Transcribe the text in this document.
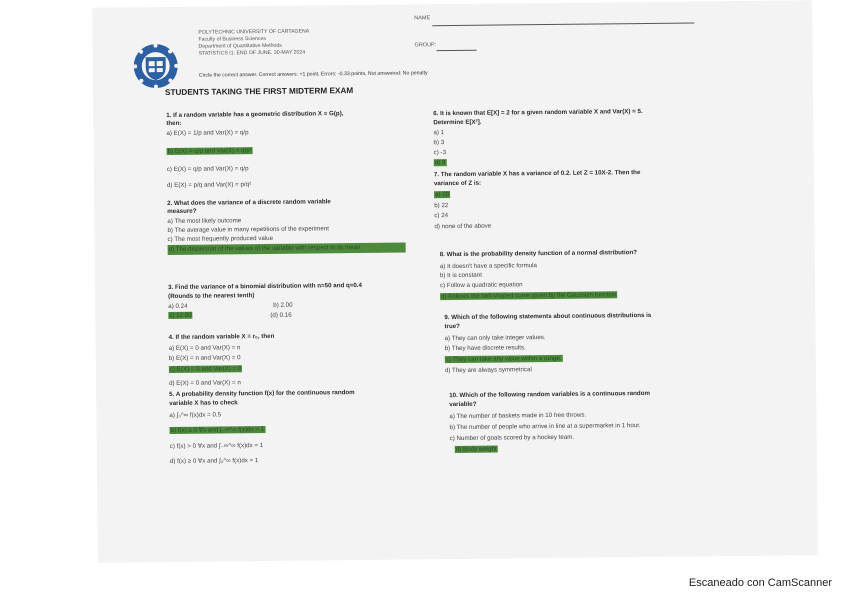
POLYTECHNIC UNIVERSITY OF CARTAGENA
Faculty of Business Sciences
Department of Quantitative Methods
STATISTICS I1. END OF JUNE. 30-MAY 2024
NAME
GROUP:
Circle the correct answer. Correct answers: +1 point, Errors: -0.33 points, Not answered: No penalty
STUDENTS TAKING THE FIRST MIDTERM EXAM
1. If a random variable has a geometric distribution X ≡ G(p),
then:
a) E(X) = 1/p and Var(X) = q/p
b) E(X) = q/p and Var(X) = q/p²
c) E(X) = q/p and Var(X) = q/p
d) E(X) = p/q and Var(X) = p/q²
2. What does the variance of a discrete random variable
measure?
a) The most likely outcome
b) The average value in many repetitions of the experiment
c) The most frequently produced value
d) The dispersion of the values of the variable with respect to its mean
3. Find the variance of a binomial distribution with n=50 and q=0.4
(Rounds to the nearest tenth)
a) 0.24	b) 2.00
c) 12.00	(d) 0.16
4. If the random variable X ≡ r₀, then
a) E(X) = 0 and Var(X) = n
b) E(X) = n and Var(X) = 0
c) E(X) = 0 and Var(X) = 0
d) E(X) = 0 and Var(X) = n
5. A probability density function f(x) for the continuous random
variable X has to check
a) ∫₀^∞ f(x)dx = 0.5
b) f(x) ≥ 0 ∀x and ∫₋∞^∞ f(x)dx = 1
c) f(x) > 0 ∀x and ∫₋∞^∞ f(x)dx = 1
d) f(x) ≥ 0 ∀x and ∫₀^∞ f(x)dx = 1
6. It is known that E[X] = 2 for a given random variable X and Var(X) = 5.
Determine E[X²].
a) 1
b) 3
c) -3
d) 9
7. The random variable X has a variance of 0.2. Let Z = 10X-2. Then the
variance of Z is:
a) 20
b) 22
c) 24
d) none of the above
8. What is the probability density function of a normal distribution?
a) It doesn't have a specific formula
b) It is constant
c) Follow a quadratic equation
d) Follows the bell-shaped curve given by the Gaussian function
9. Which of the following statements about continuous distributions is
true?
a) They can only take integer values.
b) They have discrete results.
c) They can take any value within a range.
d) They are always symmetrical
10. Which of the following random variables is a continuous random
variable?
a) The number of baskets made in 10 free throws.
b) The number of people who arrive in line at a supermarket in 1 hour.
c) Number of goals scored by a hockey team.
d) Body weight
Escaneado con CamScanner
